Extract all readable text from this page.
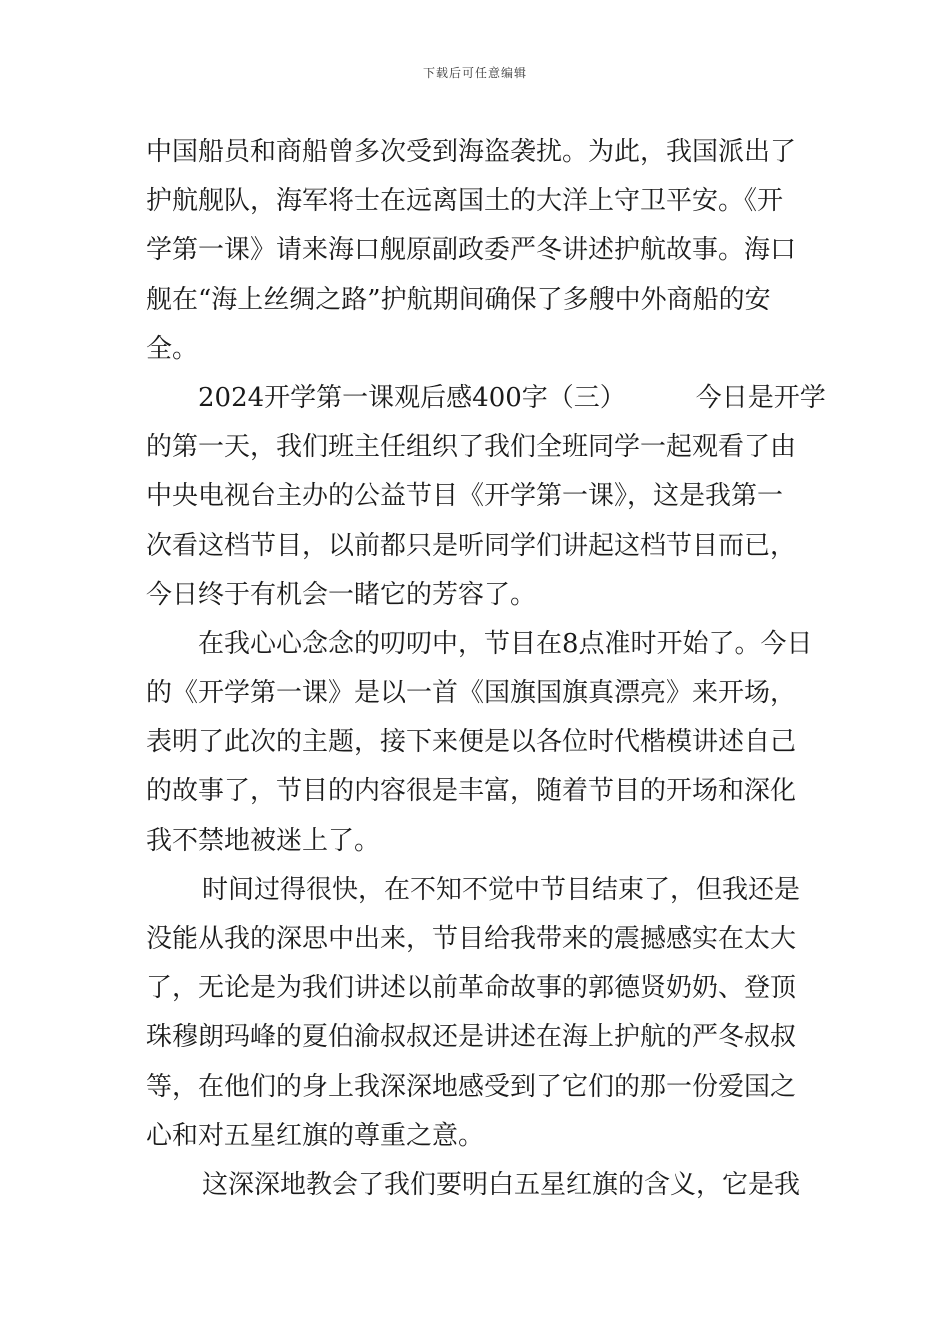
下载后可任意编辑
中国船员和商船曾多次受到海盗袭扰。为此，我国派出了
护航舰队，海军将士在远离国土的大洋上守卫平安。《开
学第一课》请来海口舰原副政委严冬讲述护航故事。海口
舰在“海上丝绸之路”护航期间确保了多艘中外商船的安
全。
2024开学第一课观后感400字（三）	今日是开学
的第一天，我们班主任组织了我们全班同学一起观看了由
中央电视台主办的公益节目《开学第一课》，这是我第一
次看这档节目，以前都只是听同学们讲起这档节目而已，
今日终于有机会一睹它的芳容了。
在我心心念念的叨叨中，节目在8点准时开始了。今日
的《开学第一课》是以一首《国旗国旗真漂亮》来开场，
表明了此次的主题，接下来便是以各位时代楷模讲述自己
的故事了，节目的内容很是丰富，随着节目的开场和深化
我不禁地被迷上了。
时间过得很快，在不知不觉中节目结束了，但我还是
没能从我的深思中出来，节目给我带来的震撼感实在太大
了，无论是为我们讲述以前革命故事的郭德贤奶奶、登顶
珠穆朗玛峰的夏伯渝叔叔还是讲述在海上护航的严冬叔叔
等，在他们的身上我深深地感受到了它们的那一份爱国之
心和对五星红旗的尊重之意。
这深深地教会了我们要明白五星红旗的含义，它是我
